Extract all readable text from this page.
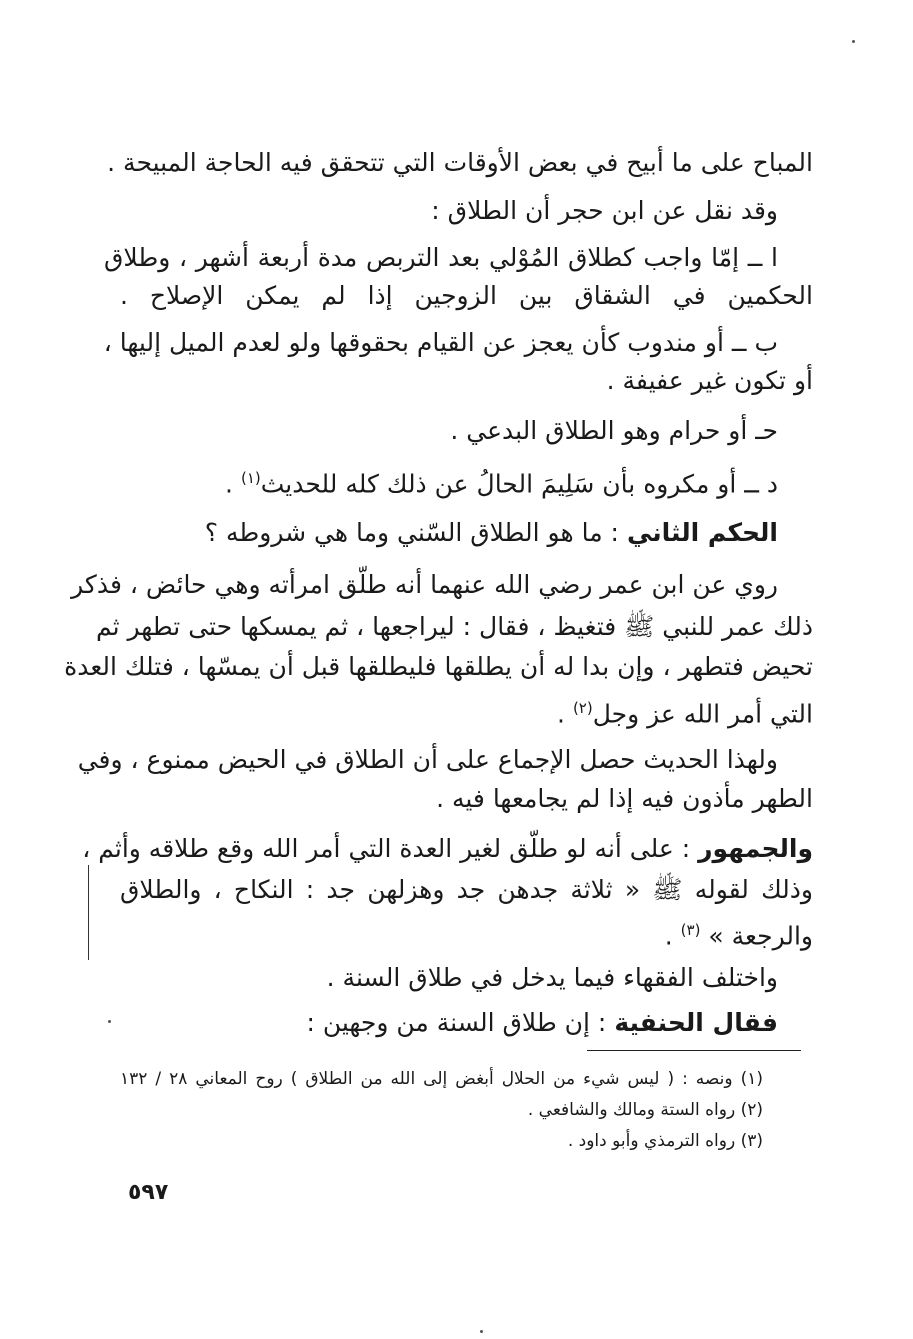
المباح على ما أبيح في بعض الأوقات التي تتحقق فيه الحاجة المبيحة .
وقد نقل عن ابن حجر أن الطلاق :
ا ــ إمّا واجب كطلاق المُوْلي بعد التربص مدة أربعة أشهر ، وطلاق
الحكمين في الشقاق بين الزوجين إذا لم يمكن الإصلاح .
ب ــ أو مندوب كأن يعجز عن القيام بحقوقها ولو لعدم الميل إليها ،
أو تكون غير عفيفة .
حـ أو حرام وهو الطلاق البدعي .
د ــ أو مكروه بأن سَلِيمَ الحالُ عن ذلك كله للحديث$^{(١)}$ .
الحكم الثاني : ما هو الطلاق السّني وما هي شروطه ؟
روي عن ابن عمر رضي الله عنهما أنه طلّق امرأته وهي حائض ، فذكر
ذلك عمر للنبي ﷺ فتغيظ ، فقال : ليراجعها ، ثم يمسكها حتى تطهر ثم
تحيض فتطهر ، وإن بدا له أن يطلقها فليطلقها قبل أن يمسّها ، فتلك العدة
التي أمر الله عز وجل$^{(٢)}$ .
ولهذا الحديث حصل الإجماع على أن الطلاق في الحيض ممنوع ، وفي
الطهر مأذون فيه إذا لم يجامعها فيه .
والجمهور : على أنه لو طلّق لغير العدة التي أمر الله وقع طلاقه وأثم ،
وذلك لقوله ﷺ « ثلاثة جدهن جد وهزلهن جد : النكاح ، والطلاق
والرجعة » $^{(٣)}$ .
واختلف الفقهاء فيما يدخل في طلاق السنة .
فقال الحنفية : إن طلاق السنة من وجهين :
(١) ونصه : ( ليس شيء من الحلال أبغض إلى الله من الطلاق ) روح المعاني ٢٨ / ١٣٢
(٢) رواه الستة ومالك والشافعي .
(٣) رواه الترمذي وأبو داود .
٥٩٧
